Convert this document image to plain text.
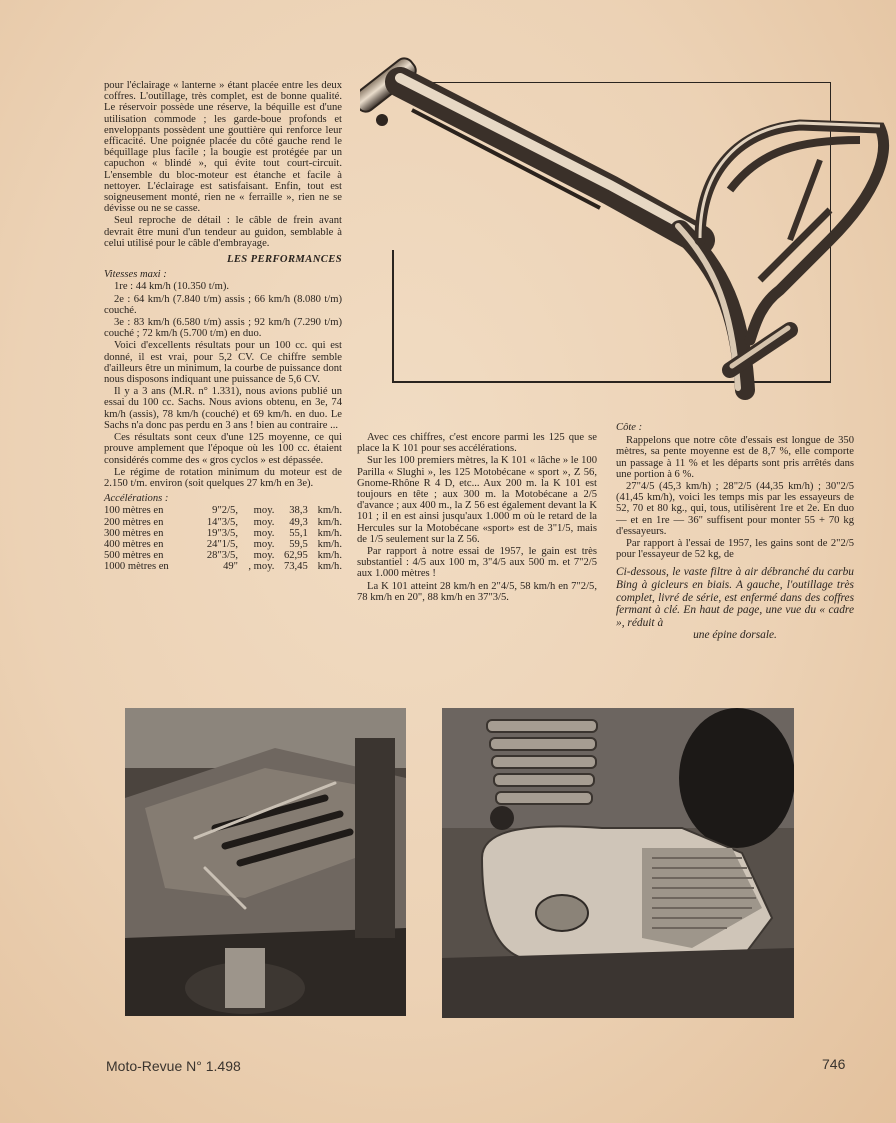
pour l'éclairage « lanterne » étant placée entre les deux coffres. L'outillage, très complet, est de bonne qualité. Le réservoir possède une réserve, la béquille est d'une utilisation commode ; les garde-boue profonds et enveloppants possèdent une gouttière qui renforce leur efficacité. Une poignée placée du côté gauche rend le béquillage plus facile ; la bougie est protégée par un capuchon « blindé », qui évite tout court-circuit. L'ensemble du bloc-moteur est étanche et facile à nettoyer. L'éclairage est satisfaisant. Enfin, tout est soigneusement monté, rien ne « ferraille », rien ne se dévisse ou ne se casse.

Seul reproche de détail : le câble de frein avant devrait être muni d'un tendeur au guidon, semblable à celui utilisé pour le câble d'embrayage.

LES PERFORMANCES
Vitesses maxi :

1re : 44 km/h (10.350 t/m).

2e : 64 km/h (7.840 t/m) assis ; 66 km/h (8.080 t/m) couché.

3e : 83 km/h (6.580 t/m) assis ; 92 km/h (7.290 t/m) couché ; 72 km/h (5.700 t/m) en duo.

Voici d'excellents résultats pour un 100 cc. qui est donné, il est vrai, pour 5,2 CV. Ce chiffre semble d'ailleurs être un minimum, la courbe de puissance dont nous disposons indiquant une puissance de 5,6 CV.

Il y a 3 ans (M.R. n° 1.331), nous avions publié un essai du 100 cc. Sachs. Nous avions obtenu, en 3e, 74 km/h (assis), 78 km/h (couché) et 69 km/h. en duo. Le Sachs n'a donc pas perdu en 3 ans ! bien au contraire ...

Ces résultats sont ceux d'une 125 moyenne, ce qui prouve amplement que l'époque où les 100 cc. étaient considérés comme des « gros cyclos » est dépassée.

Le régime de rotation minimum du moteur est de 2.150 t/m. environ (soit quelques 27 km/h en 3e).

Accélérations :
100 mètres en	9"2/5,	moy.	38,3	km/h.
200 mètres en	14"3/5,	moy.	49,3	km/h.
300 mètres en	19"3/5,	moy.	55,1	km/h.
400 mètres en	24"1/5,	moy.	59,5	km/h.
500 mètres en	28"3/5,	moy.	62,95	km/h.
1000 mètres en	49"	, moy.	73,45	km/h.

Avec ces chiffres, c'est encore parmi les 125 que se place la K 101 pour ses accélérations.

Sur les 100 premiers mètres, la K 101 « lâche » le 100 Parilla « Slughi », les 125 Motobécane « sport », Z 56, Gnome-Rhône R 4 D, etc... Aux 200 m. la K 101 est toujours en tête ; aux 300 m. la Motobécane a 2/5 d'avance ; aux 400 m., la Z 56 est également devant la K 101 ; il en est ainsi jusqu'aux 1.000 m où le retard de la Hercules sur la Motobécane «sport» est de 3"1/5, mais de 1/5 seulement sur la Z 56.

Par rapport à notre essai de 1957, le gain est très substantiel : 4/5 aux 100 m, 3"4/5 aux 500 m. et 7"2/5 aux 1.000 mètres !

La K 101 atteint 28 km/h en 2"4/5, 58 km/h en 7"2/5, 78 km/h en 20", 88 km/h en 37"3/5.

Côte :

Rappelons que notre côte d'essais est longue de 350 mètres, sa pente moyenne est de 8,7 %, elle comporte un passage à 11 % et les départs sont pris arrêtés dans une portion à 6 %.

27"4/5 (45,3 km/h) ; 28"2/5 (44,35 km/h) ; 30"2/5 (41,45 km/h), voici les temps mis par les essayeurs de 52, 70 et 80 kg., qui, tous, utilisèrent 1re et 2e. En duo — et en 1re — 36" suffisent pour monter 55 + 70 kg d'essayeurs.

Par rapport à l'essai de 1957, les gains sont de 2"2/5 pour l'essayeur de 52 kg, de

Ci-dessous, le vaste filtre à air débranché du carbu Bing à gicleurs en biais. A gauche, l'outillage très complet, livré de série, est enfermé dans des coffres fermant à clé. En haut de page, une vue du « cadre », réduit à
une épine dorsale.
Moto-Revue N° 1.498	746
